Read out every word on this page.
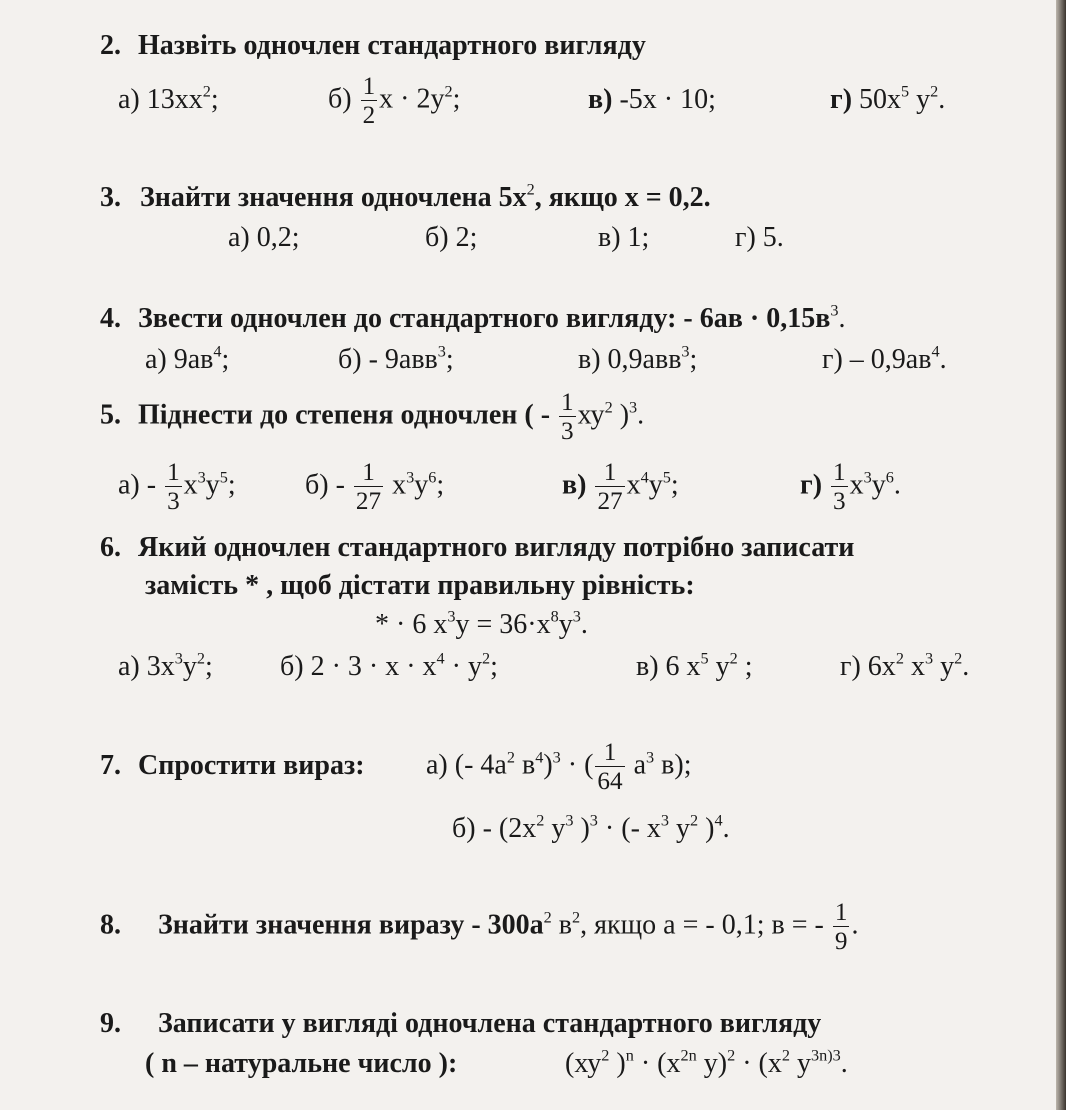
2. Назвіть одночлен стандартного вигляду
а) $13хх^2$;	$б) \frac{1}{2}$ $х \cdot 2у^2$;	в) -5х · 10;	г) $50х^5$ $у^2$.
3. Знайти значення одночлена $5х^2$, якщо х = 0,2.
а) 0,2;	б) 2;	в) 1;	г) 5.
4. Звести одночлен до стандартного вигляду: - $6ав \cdot 0,15в^3$.
а) $9ав^4$;	б) - 9авв$^3$;	в) 0,9авв$^3$;	$г) - 0,9ав^4$.
5. Піднести до степеня одночлен ( - $\frac{1}{3} ху^2$ )$^3$.
$а) - \frac{1}{3} х^3у^5$; $б) - \frac{1}{27} х^3у^6$;	$в) \frac{1}{27} х^4у^5$;	$г) \frac{1}{3} х^3у^6$.
6. Який одночлен стандартного вигляду потрібно записати
замість * , щоб дістати правильну рівність:
* · 6 $х^3у = 36\cdot х^8у^3$.
а) $3х^3у^2$; б) $2 \cdot 3 \cdot х \cdot х^4 \cdot у^2$;	в) 6 $х^5$ $у^2$ ;	г) $6х^2$ $х^3$ $у^2$.
7. Спростити вираз: а) (- $4а^2$ $в^4)^3$ · ( $\frac{1}{64} а^3$ в);
$б) - (2х^2$ $у^3$ )$^3$ · (- $х^3$ $у^2$ )$^4$.
8. Знайти значення виразу - $300а^2$ $в^2$, якщо а = - 0,1; в = - $\frac{1}{9}$ .
9. Записати у вигляді одночлена стандартного вигляду
( n – натуральне число ):	($ху^2$ )$^n \cdot (х^{2n}$ $у)^2 \cdot (х^2$ $у^{3n)3}$.
